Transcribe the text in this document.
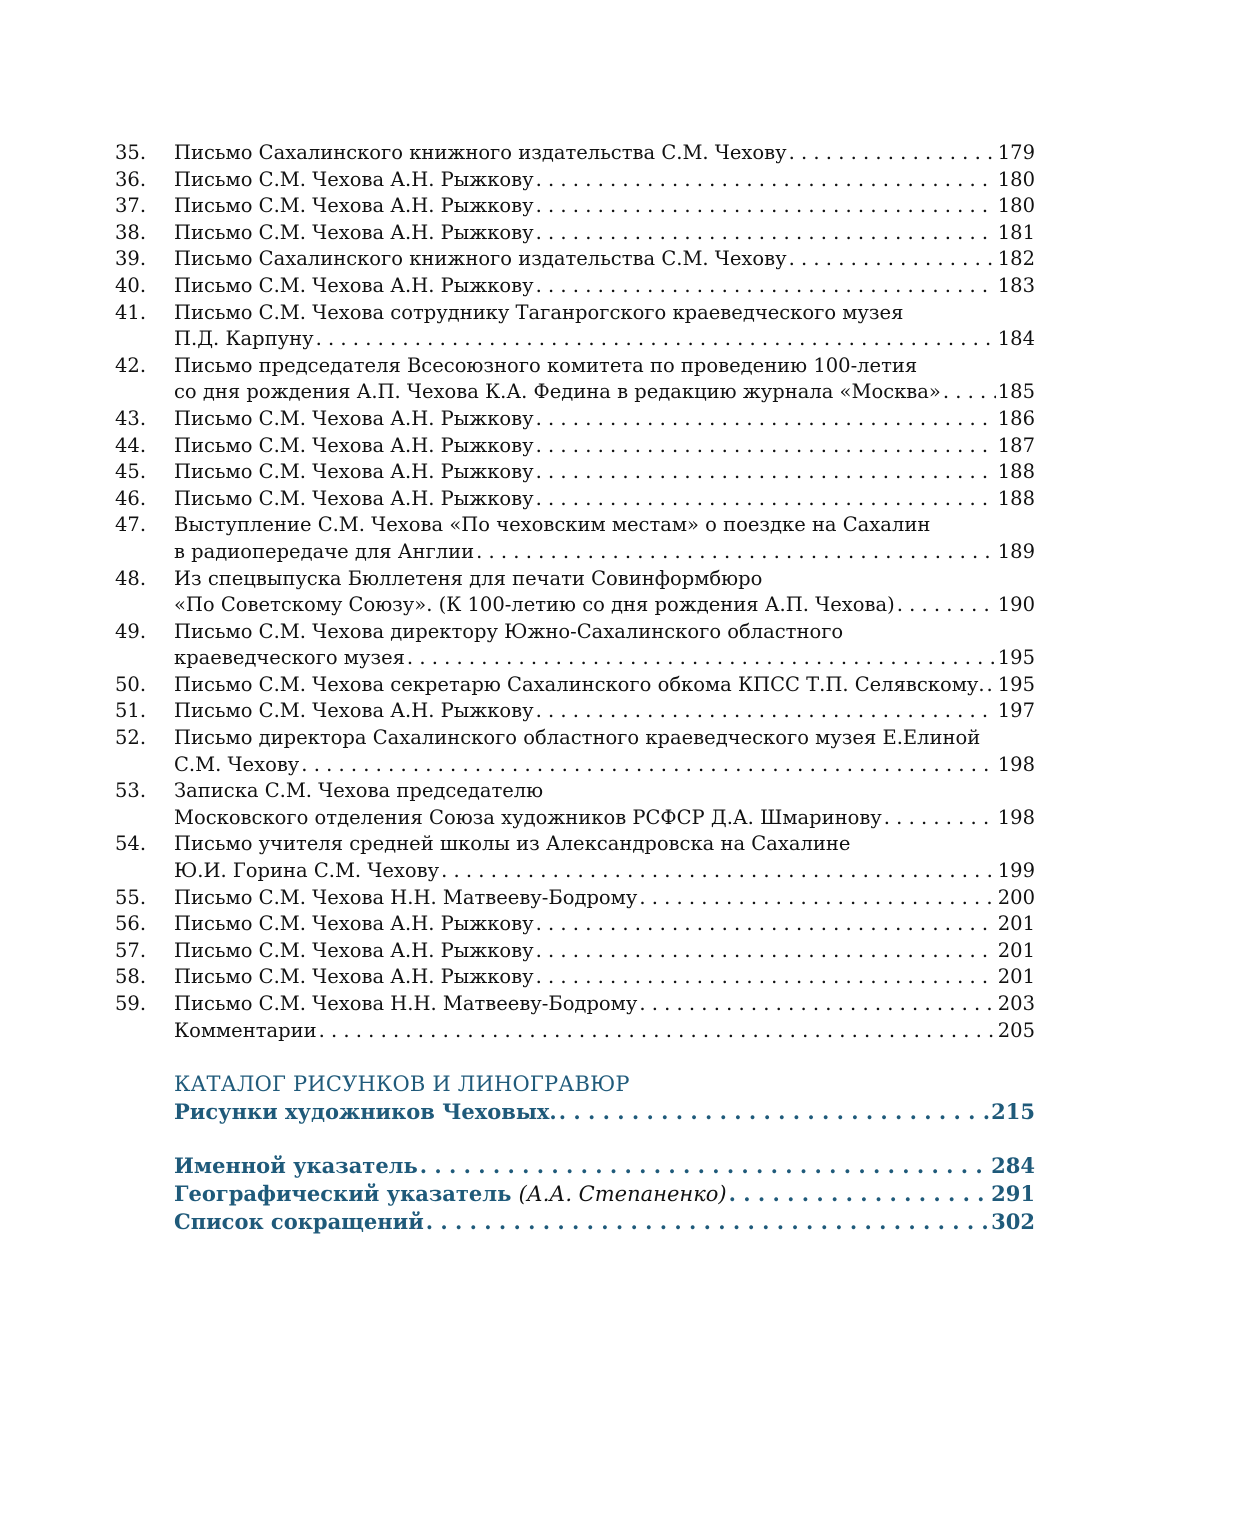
35.	Письмо Сахалинского книжного издательства С.М. Чехову . . .	179
36.	Письмо С.М. Чехова А.Н. Рыжкову . . .	180
37.	Письмо С.М. Чехова А.Н. Рыжкову . . .	180
38.	Письмо С.М. Чехова А.Н. Рыжкову . . .	181
39.	Письмо Сахалинского книжного издательства С.М. Чехову . . .	182
40.	Письмо С.М. Чехова А.Н. Рыжкову . . .	183
41.	Письмо С.М. Чехова сотруднику Таганрогского краеведческого музея
П.Д. Карпуну . . .	184
42.	Письмо председателя Всесоюзного комитета по проведению 100-летия
со дня рождения А.П. Чехова К.А. Федина в редакцию журнала «Москва» . . .	185
43.	Письмо С.М. Чехова А.Н. Рыжкову . . .	186
44.	Письмо С.М. Чехова А.Н. Рыжкову . . .	187
45.	Письмо С.М. Чехова А.Н. Рыжкову . . .	188
46.	Письмо С.М. Чехова А.Н. Рыжкову . . .	188
47.	Выступление С.М. Чехова «По чеховским местам» о поездке на Сахалин
в радиопередаче для Англии . . .	189
48.	Из спецвыпуска Бюллетеня для печати Совинформбюро
«По Советскому Союзу». (К 100-летию со дня рождения А.П. Чехова) . . .	190
49.	Письмо С.М. Чехова директору Южно-Сахалинского областного
краеведческого музея . . .	195
50.	Письмо С.М. Чехова секретарю Сахалинского обкома КПСС Т.П. Селявскому. . . . 195
51.	Письмо С.М. Чехова А.Н. Рыжкову . . .	197
52.	Письмо директора Сахалинского областного краеведческого музея Е.Елиной
С.М. Чехову . . .	198
53.	Записка С.М. Чехова председателю
Московского отделения Союза художников РСФСР Д.А. Шмаринову . . .	198
54.	Письмо учителя средней школы из Александровска на Сахалине
Ю.И. Горина С.М. Чехову . . .	199
55.	Письмо С.М. Чехова Н.Н. Матвееву-Бодрому . . .	200
56.	Письмо С.М. Чехова А.Н. Рыжкову . . .	201
57.	Письмо С.М. Чехова А.Н. Рыжкову . . .	201
58.	Письмо С.М. Чехова А.Н. Рыжкову . . .	201
59.	Письмо С.М. Чехова Н.Н. Матвееву-Бодрому . . .	203
Комментарии . . .	205
КАТАЛОГ РИСУНКОВ И ЛИНОГРАВЮР
Рисунки художников Чеховых. . . .	215
Именной указатель . . .	284
Географический указатель
(А.А. Степаненко) . . .	291
Список сокращений . . .	302
